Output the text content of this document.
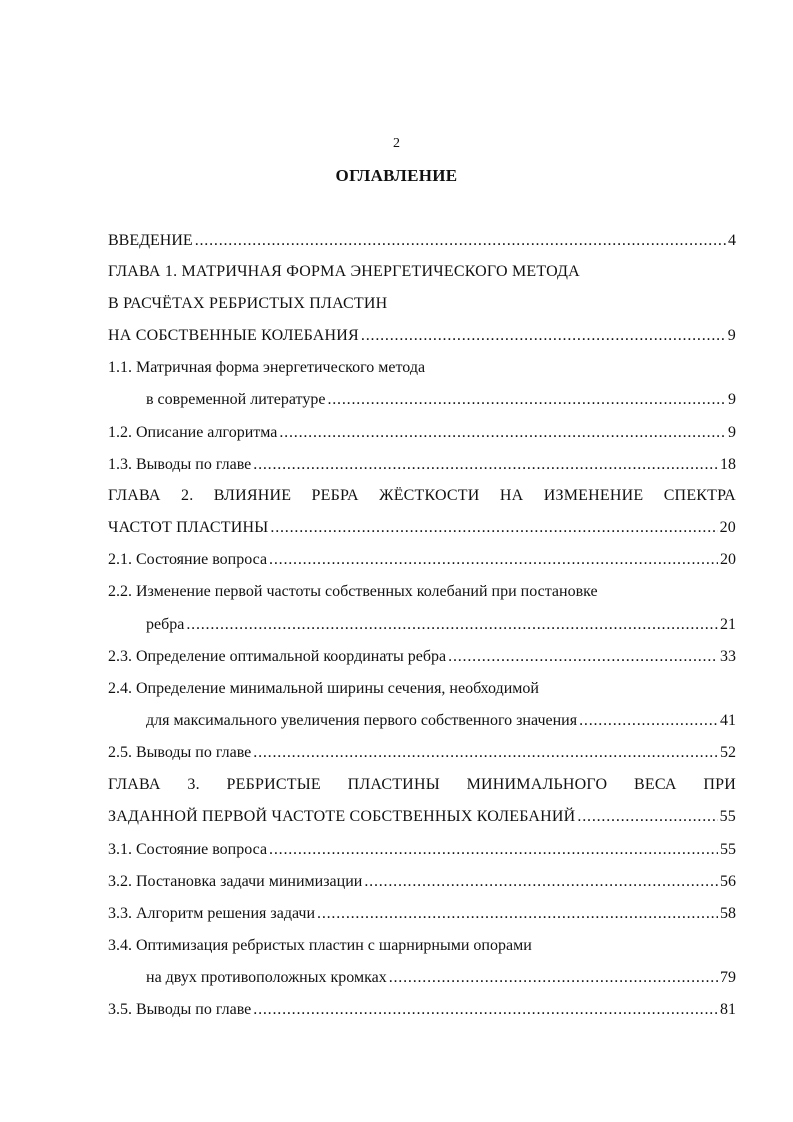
2
ОГЛАВЛЕНИЕ
ВВЕДЕНИЕ . . .	4
ГЛАВА 1. МАТРИЧНАЯ ФОРМА ЭНЕРГЕТИЧЕСКОГО МЕТОДА
В РАСЧЁТАХ РЕБРИСТЫХ ПЛАСТИН
НА СОБСТВЕННЫЕ КОЛЕБАНИЯ . . .	9
1.1. Матричная форма энергетического метода
в современной литературе . . .	9
1.2. Описание алгоритма . . .	9
1.3. Выводы по главе . . .	18
ГЛАВА 2. ВЛИЯНИЕ РЕБРА ЖЁСТКОСТИ НА ИЗМЕНЕНИЕ СПЕКТРА
ЧАСТОТ ПЛАСТИНЫ . . .	20
2.1. Состояние вопроса . . .	20
2.2. Изменение первой частоты собственных колебаний при постановке
ребра . . .	21
2.3. Определение оптимальной координаты ребра . . .	33
2.4. Определение минимальной ширины сечения, необходимой
для максимального увеличения первого собственного значения . . .	41
2.5. Выводы по главе . . .	52
ГЛАВА 3. РЕБРИСТЫЕ ПЛАСТИНЫ МИНИМАЛЬНОГО ВЕСА ПРИ
ЗАДАННОЙ ПЕРВОЙ ЧАСТОТЕ СОБСТВЕННЫХ КОЛЕБАНИЙ . . .	55
3.1. Состояние вопроса . . .	55
3.2. Постановка задачи минимизации . . .	56
3.3. Алгоритм решения задачи . . .	58
3.4. Оптимизация ребристых пластин с шарнирными опорами
на двух противоположных кромках . . .	79
3.5. Выводы по главе . . .	81
